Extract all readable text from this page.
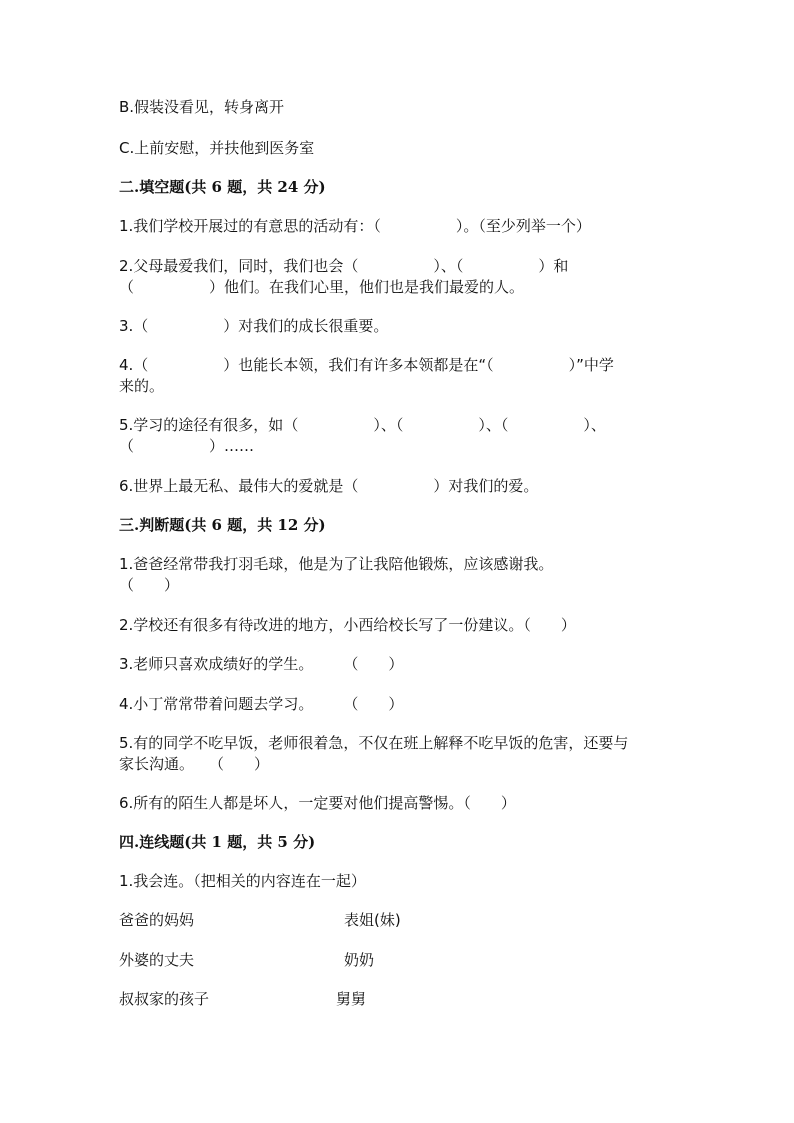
B.假装没看见，转身离开
C.上前安慰，并扶他到医务室
二.填空题(共 6 题，共 24 分)
1.我们学校开展过的有意思的活动有：（　　　　　）。（至少列举一个）
2.父母最爱我们，同时，我们也会（　　　　　）、（　　　　　）和
（　　　　　）他们。在我们心里，他们也是我们最爱的人。
3.（　　　　　）对我们的成长很重要。
4.（　　　　　）也能长本领，我们有许多本领都是在“（　　　　　）”中学
来的。
5.学习的途径有很多，如（　　　　　）、（　　　　　）、（　　　　　）、
（　　　　　）……
6.世界上最无私、最伟大的爱就是（　　　　　）对我们的爱。
三.判断题(共 6 题，共 12 分)
1.爸爸经常带我打羽毛球，他是为了让我陪他锻炼，应该感谢我。
（　　）
2.学校还有很多有待改进的地方，小西给校长写了一份建议。（　　）
3.老师只喜欢成绩好的学生。　　　（　　）
4.小丁常常带着问题去学习。　　　（　　）
5.有的同学不吃早饭，老师很着急，不仅在班上解释不吃早饭的危害，还要与
家长沟通。　　（　　）
6.所有的陌生人都是坏人，一定要对他们提高警惕。（　　）
四.连线题(共 1 题，共 5 分)
1.我会连。（把相关的内容连在一起）
爸爸的妈妈	表姐(妹)
外婆的丈夫	奶奶
叔叔家的孩子	舅舅
